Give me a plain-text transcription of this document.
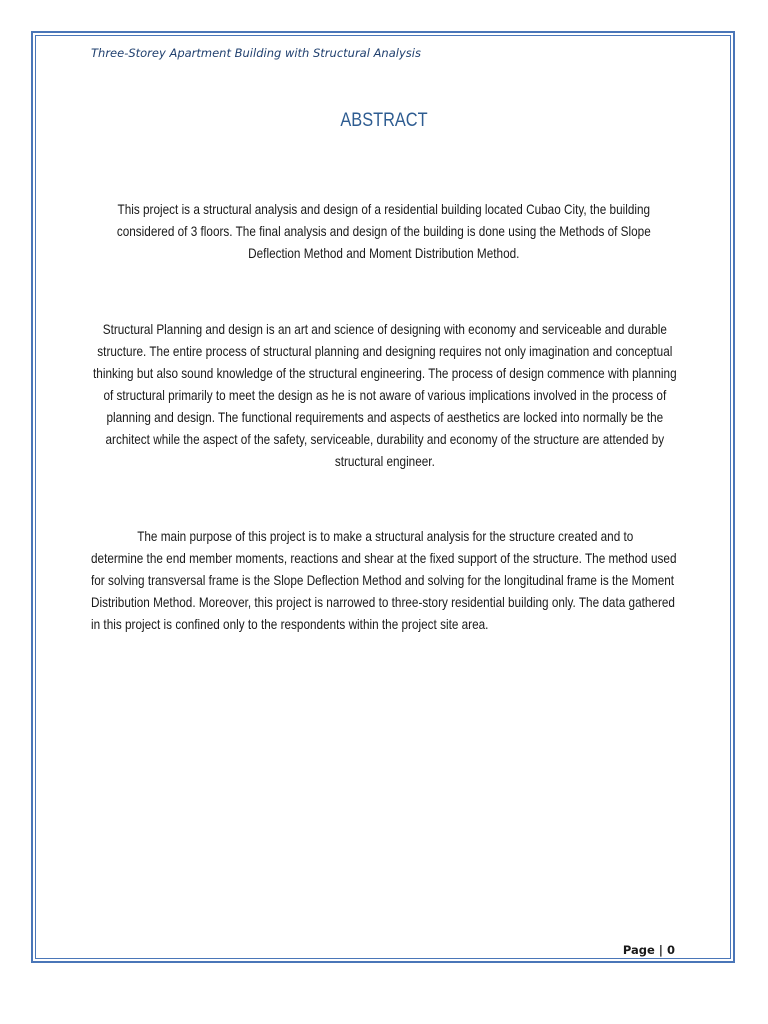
Three-Storey Apartment Building with Structural Analysis
ABSTRACT

This project is a structural analysis and design of a residential building located Cubao City, the building considered of 3 floors. The final analysis and design of the building is done using the Methods of Slope Deflection Method and Moment Distribution Method.

Structural Planning and design is an art and science of designing with economy and serviceable and durable structure. The entire process of structural planning and designing requires not only imagination and conceptual thinking but also sound knowledge of the structural engineering. The process of design commence with planning of structural primarily to meet the design as he is not aware of various implications involved in the process of planning and design. The functional requirements and aspects of aesthetics are locked into normally be the architect while the aspect of the safety, serviceable, durability and economy of the structure are attended by structural engineer.

The main purpose of this project is to make a structural analysis for the structure created and to determine the end member moments, reactions and shear at the fixed support of the structure. The method used for solving transversal frame is the Slope Deflection Method and solving for the longitudinal frame is the Moment Distribution Method. Moreover, this project is narrowed to three-story residential building only. The data gathered in this project is confined only to the respondents within the project site area.

Page | 0
